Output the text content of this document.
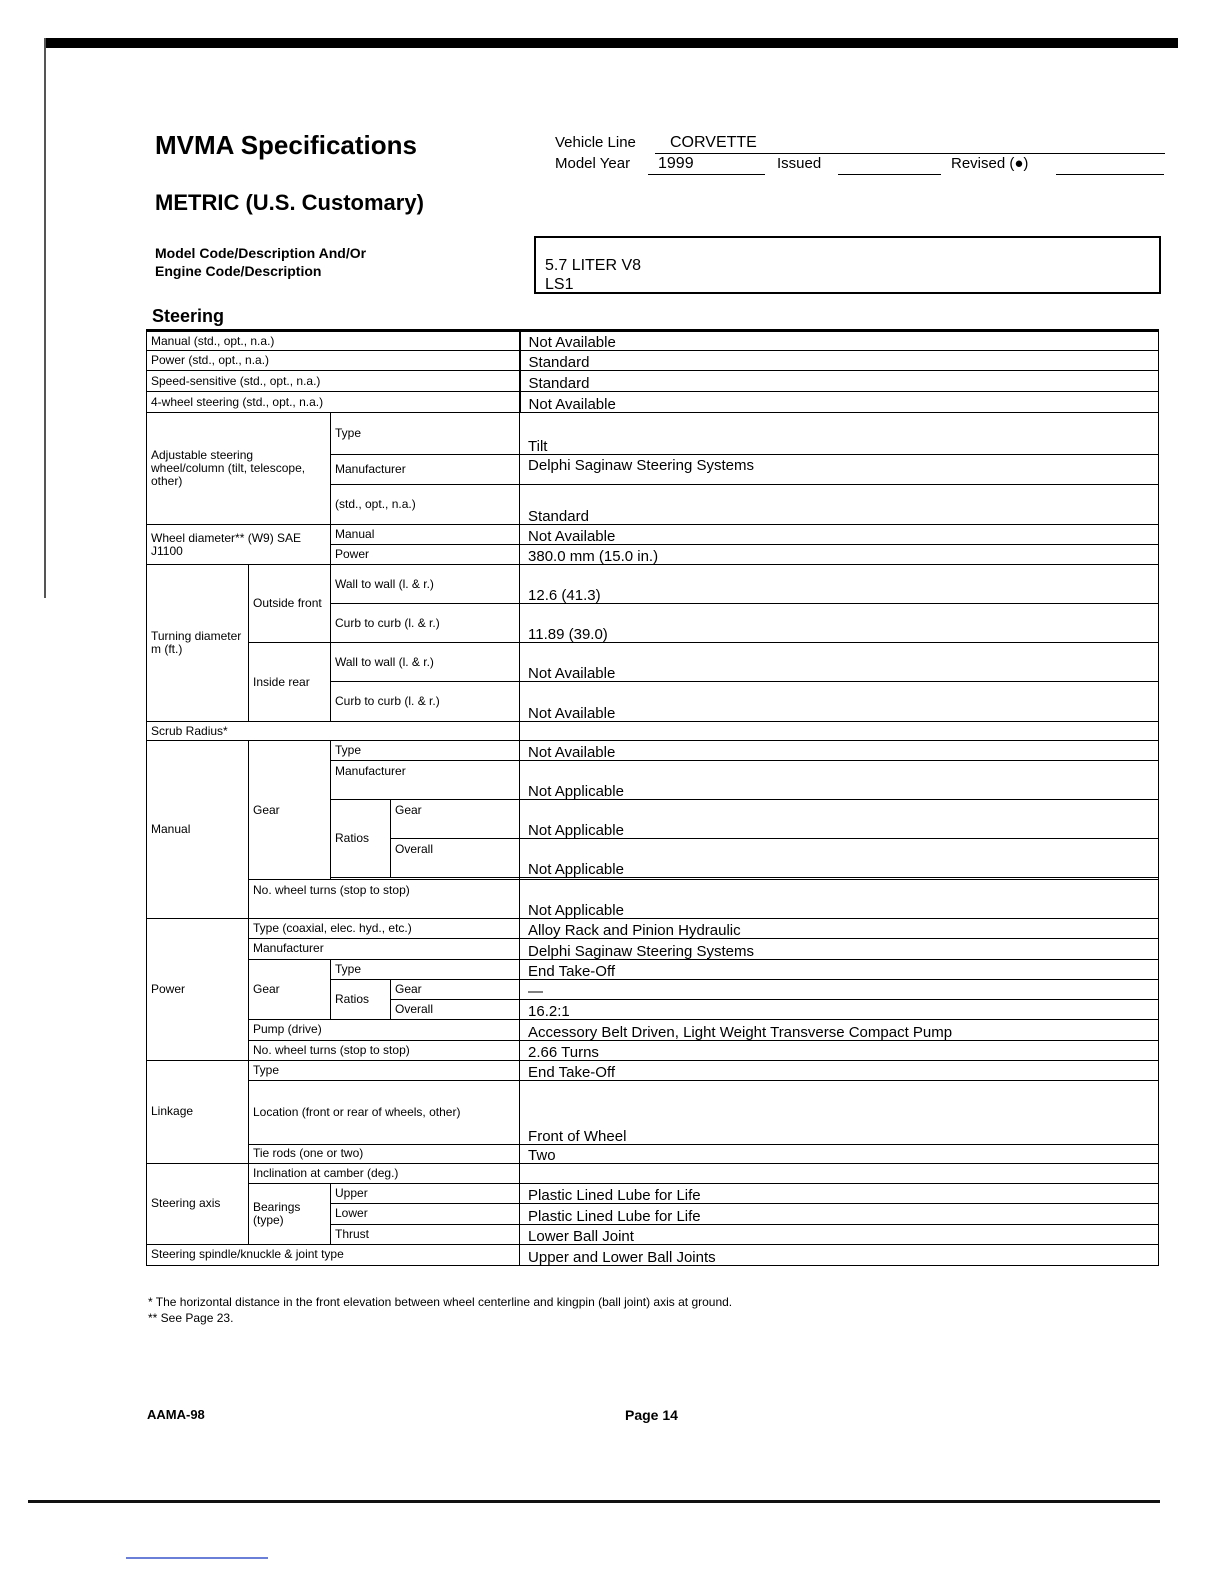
MVMA Specifications
METRIC (U.S. Customary)
Model Code/Description And/Or
Engine Code/Description
Vehicle Line CORVETTE
Model Year 1999	Issued	Revised (●)
5.7 LITER V8
LS1
Steering
Manual (std., opt., n.a.)				Not Available
Power (std., opt., n.a.)				Standard
Speed-sensitive (std., opt., n.a.)				Standard
4-wheel steering (std., opt., n.a.)				Not Available
Adjustable steering wheel/column (tilt, telescope, other)		Type		Tilt
		Manufacturer		Delphi Saginaw Steering Systems
		(std., opt., n.a.)		Standard
Wheel diameter** (W9) SAE J1100		Manual		Not Available
		Power		380.0 mm (15.0 in.)
Turning diameter m (ft.)	Outside front	Wall to wall (l. & r.)		12.6 (41.3)
		Curb to curb (l. & r.)		11.89 (39.0)
	Inside rear	Wall to wall (l. & r.)		Not Available
		Curb to curb (l. & r.)		Not Available
Scrub Radius*				
Manual	Gear	Type		Not Available
		Manufacturer		Not Applicable
		Ratios	Gear	Not Applicable
			Overall	Not Applicable

	No. wheel turns (stop to stop)			Not Applicable
Power	Type (coaxial, elec. hyd., etc.)			Alloy Rack and Pinion Hydraulic
	Manufacturer			Delphi Saginaw Steering Systems
	Gear	Type		End Take-Off
		Ratios	Gear	—
			Overall	16.2:1
	Pump (drive)			Accessory Belt Driven, Light Weight Transverse Compact Pump
	No. wheel turns (stop to stop)			2.66 Turns
Linkage	Type			End Take-Off
	Location (front or rear of wheels, other)			Front of Wheel
	Tie rods (one or two)			Two
Steering axis	Inclination at camber (deg.)			
	Bearings (type)	Upper		Plastic Lined Lube for Life
		Lower		Plastic Lined Lube for Life
		Thrust		Lower Ball Joint
Steering spindle/knuckle & joint type				Upper and Lower Ball Joints
* The horizontal distance in the front elevation between wheel centerline and kingpin (ball joint) axis at ground.
** See Page 23.
AAMA-98	Page 14
